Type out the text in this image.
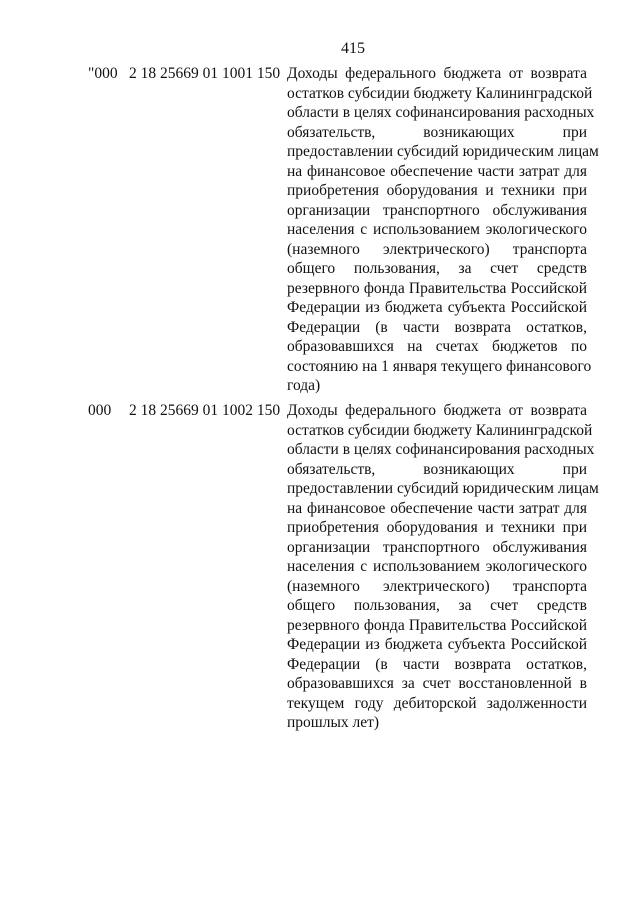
415
"000 2 18 25669 01 1001 150 Доходы федерального бюджета от возврата
остатков субсидии бюджету Калининградской
области в целях софинансирования расходных
обязательств, возникающих при
предоставлении субсидий юридическим лицам
на финансовое обеспечение части затрат для
приобретения оборудования и техники при
организации транспортного обслуживания
населения с использованием экологического
(наземного электрического) транспорта
общего пользования, за счет средств
резервного фонда Правительства Российской
Федерации из бюджета субъекта Российской
Федерации (в части возврата остатков,
образовавшихся на счетах бюджетов по
состоянию на 1 января текущего финансового
года)

000 2 18 25669 01 1002 150 Доходы федерального бюджета от возврата
остатков субсидии бюджету Калининградской
области в целях софинансирования расходных
обязательств, возникающих при
предоставлении субсидий юридическим лицам
на финансовое обеспечение части затрат для
приобретения оборудования и техники при
организации транспортного обслуживания
населения с использованием экологического
(наземного электрического) транспорта
общего пользования, за счет средств
резервного фонда Правительства Российской
Федерации из бюджета субъекта Российской
Федерации (в части возврата остатков,
образовавшихся за счет восстановленной в
текущем году дебиторской задолженности
прошлых лет)
